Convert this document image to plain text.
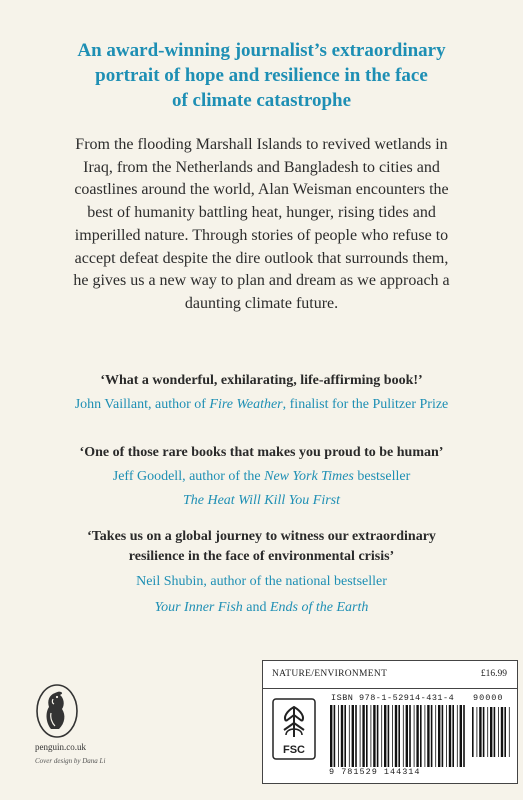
An award-winning journalist’s extraordinary
portrait of hope and resilience in the face
of climate catastrophe
From the flooding Marshall Islands to revived wetlands in
Iraq, from the Netherlands and Bangladesh to cities and
coastlines around the world, Alan Weisman encounters the
best of humanity battling heat, hunger, rising tides and
imperilled nature. Through stories of people who refuse to
accept defeat despite the dire outlook that surrounds them,
he gives us a new way to plan and dream as we approach a
daunting climate future.
‘What a wonderful, exhilarating, life-affirming book!’
John Vaillant, author of Fire Weather, finalist for the Pulitzer Prize
‘One of those rare books that makes you proud to be human’
Jeff Goodell, author of the New York Times bestseller
The Heat Will Kill You First
‘Takes us on a global journey to witness our extraordinary
resilience in the face of environmental crisis’
Neil Shubin, author of the national bestseller
Your Inner Fish and Ends of the Earth
penguin.co.uk
Cover design by Dana Li
NATURE/ENVIRONMENT	£16.99
FSC
ISBN 978-1-52914-431-4
9 781529 144314
90000
